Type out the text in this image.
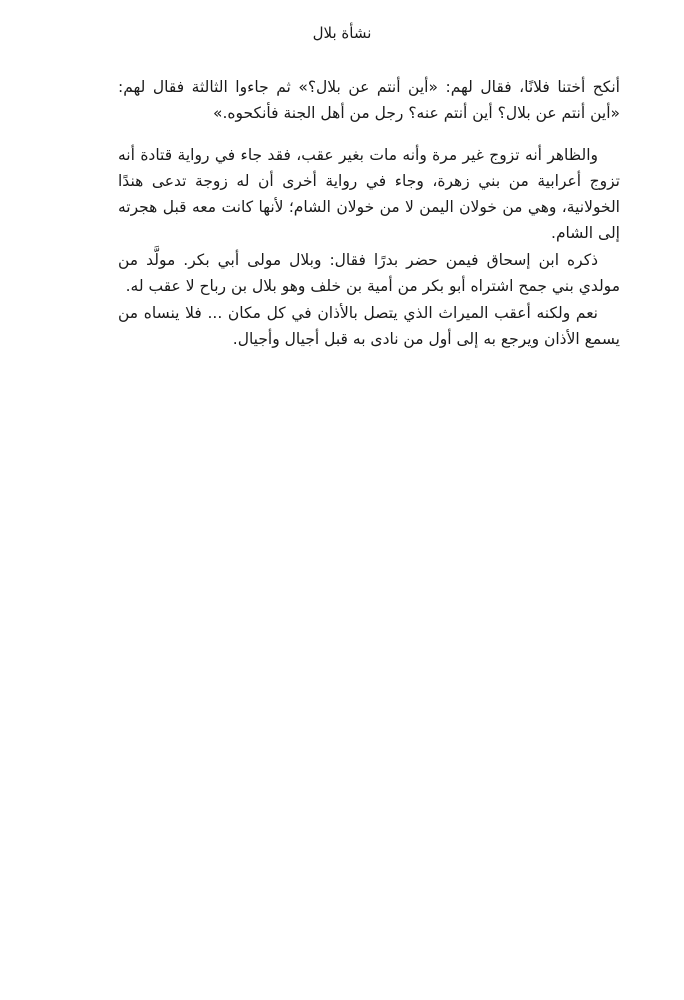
نشأة بلال

أنكح أختنا فلانًا، فقال لهم: «أين أنتم عن بلال؟» ثم جاءوا الثالثة فقال لهم: «أين أنتم عن بلال؟ أين أنتم عنه؟ رجل من أهل الجنة فأنكحوه.»

والظاهر أنه تزوج غير مرة وأنه مات بغير عقب، فقد جاء في رواية قتادة أنه تزوج أعرابية من بني زهرة، وجاء في رواية أخرى أن له زوجة تدعى هندًا الخولانية، وهي من خولان اليمن لا من خولان الشام؛ لأنها كانت معه قبل هجرته إلى الشام.

ذكره ابن إسحاق فيمن حضر بدرًا فقال: وبلال مولى أبي بكر. مولَّد من مولدي بني جمح اشتراه أبو بكر من أمية بن خلف وهو بلال بن رباح لا عقب له.

نعم ولكنه أعقب الميراث الذي يتصل بالأذان في كل مكان ... فلا ينساه من يسمع الأذان ويرجع به إلى أول من نادى به قبل أجيال وأجيال.
